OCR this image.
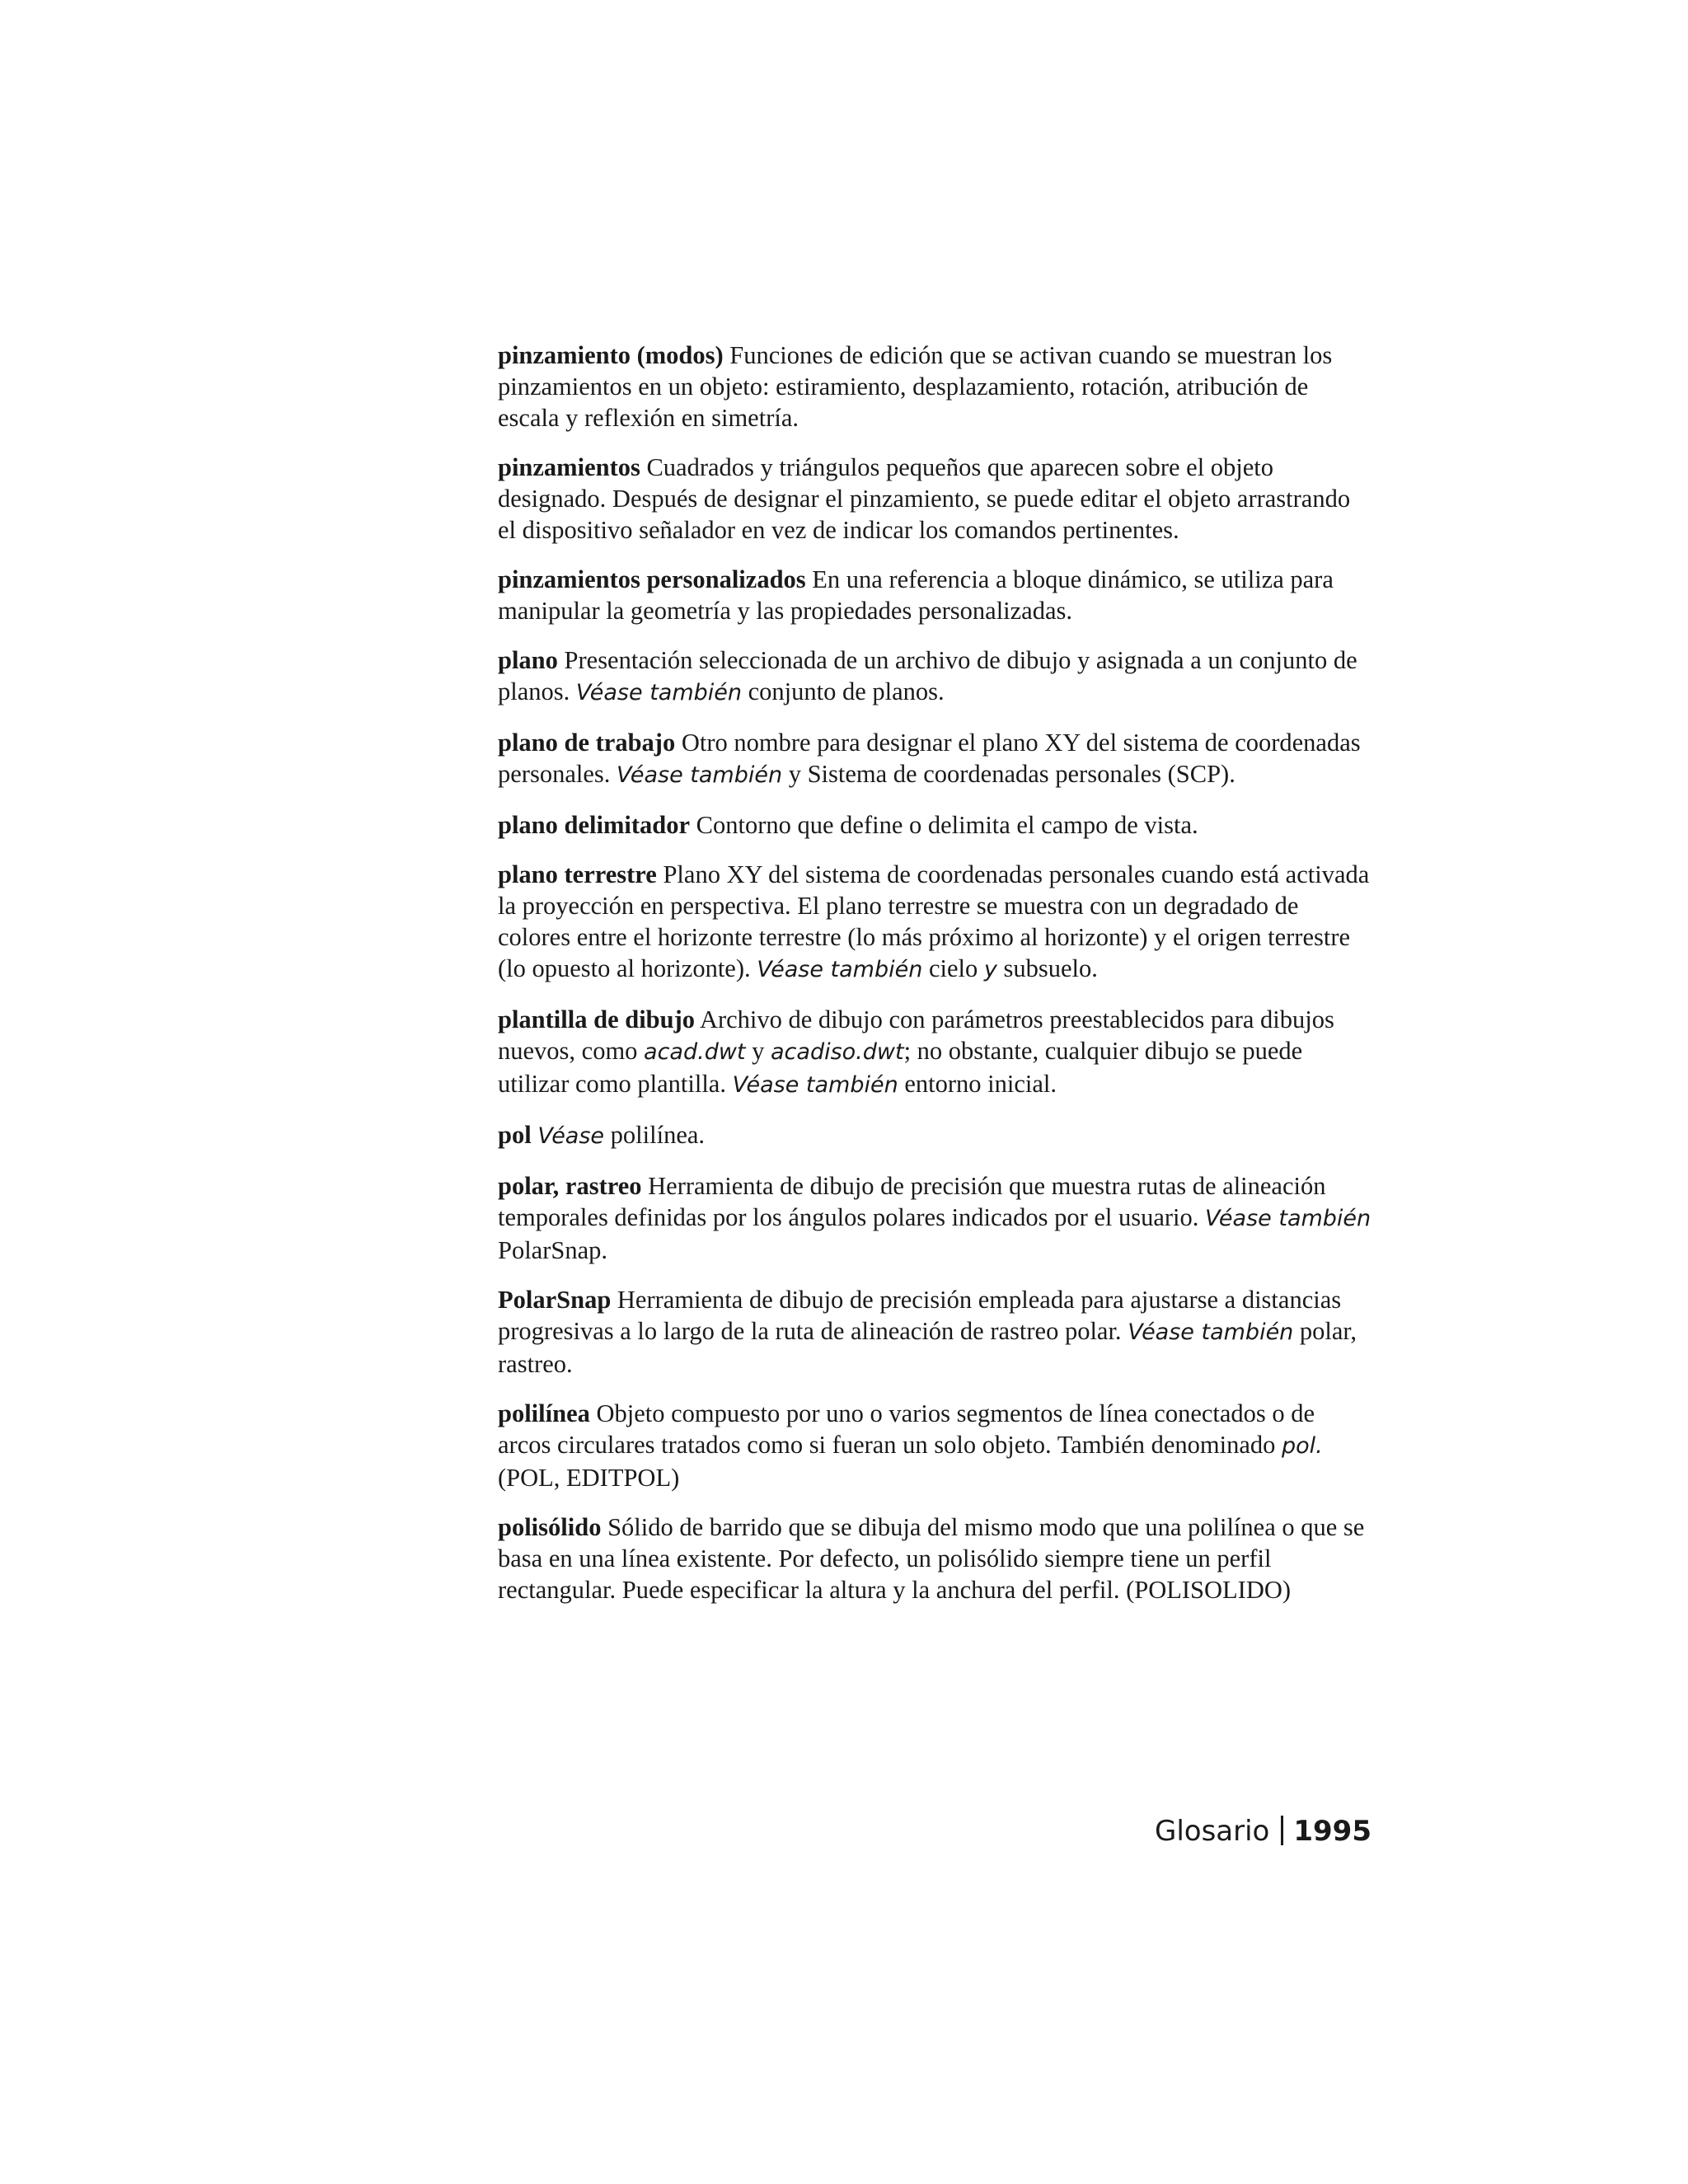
pinzamiento (modos) Funciones de edición que se activan cuando se muestran los pinzamientos en un objeto: estiramiento, desplazamiento, rotación, atribución de escala y reflexión en simetría.

pinzamientos Cuadrados y triángulos pequeños que aparecen sobre el objeto designado. Después de designar el pinzamiento, se puede editar el objeto arrastrando el dispositivo señalador en vez de indicar los comandos pertinentes.

pinzamientos personalizados En una referencia a bloque dinámico, se utiliza para manipular la geometría y las propiedades personalizadas.

plano Presentación seleccionada de un archivo de dibujo y asignada a un conjunto de planos. Véase también conjunto de planos.

plano de trabajo Otro nombre para designar el plano XY del sistema de coordenadas personales. Véase también y Sistema de coordenadas personales (SCP).

plano delimitador Contorno que define o delimita el campo de vista.

plano terrestre Plano XY del sistema de coordenadas personales cuando está activada la proyección en perspectiva. El plano terrestre se muestra con un degradado de colores entre el horizonte terrestre (lo más próximo al horizonte) y el origen terrestre (lo opuesto al horizonte). Véase también cielo y subsuelo.

plantilla de dibujo Archivo de dibujo con parámetros preestablecidos para dibujos nuevos, como acad.dwt y acadiso.dwt; no obstante, cualquier dibujo se puede utilizar como plantilla. Véase también entorno inicial.

pol Véase polilínea.

polar, rastreo Herramienta de dibujo de precisión que muestra rutas de alineación temporales definidas por los ángulos polares indicados por el usuario. Véase también PolarSnap.

PolarSnap Herramienta de dibujo de precisión empleada para ajustarse a distancias progresivas a lo largo de la ruta de alineación de rastreo polar. Véase también polar, rastreo.

polilínea Objeto compuesto por uno o varios segmentos de línea conectados o de arcos circulares tratados como si fueran un solo objeto. También denominado pol. (POL, EDITPOL)

polisólido Sólido de barrido que se dibuja del mismo modo que una polilínea o que se basa en una línea existente. Por defecto, un polisólido siempre tiene un perfil rectangular. Puede especificar la altura y la anchura del perfil. (POLISOLIDO)

Glosario 1995
